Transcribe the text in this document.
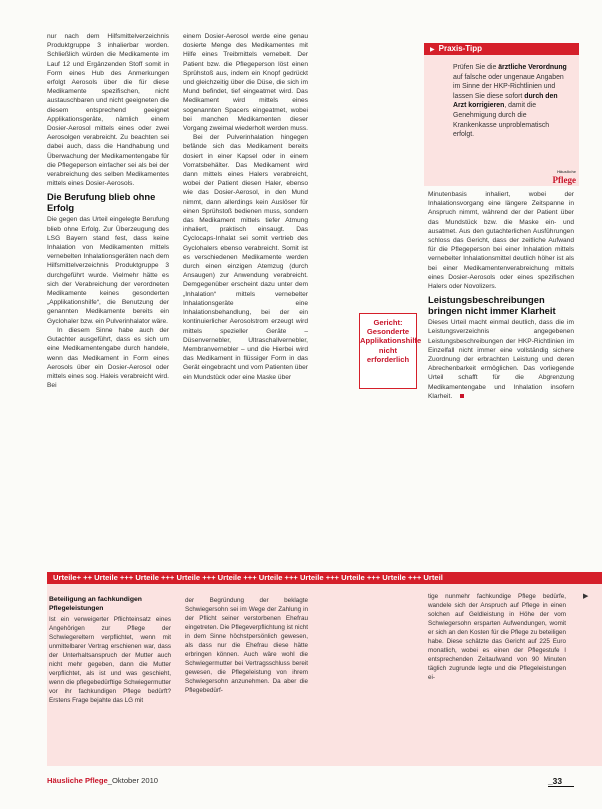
nur nach dem Hilfsmittelverzeichnis Produktgruppe 3 inhalierbar worden. Schließlich würden die Medikamente im Lauf 12 und Ergänzenden Stoff somit in Form eines Hub des Anmerkungen erfolgt Aerosols über die für diese Medikamente spezifischen, nicht austauschbaren und nicht geeigneten die diesem entsprechend geeignet Applikationsgeräte, nämlich einem Dosier-Aerosol mittels eines oder zwei Aerosolgen verabreicht. Zu beachten sei dabei auch, dass die Handhabung und Überwachung der Medikamentengabe für die Pflegeperson einfacher sei als bei der verabreichung des selben Medikamentes mittels eines Dosier-Aerosols.

Die Berufung blieb ohne Erfolg

Die gegen das Urteil eingelegte Berufung blieb ohne Erfolg. Zur Überzeugung des LSG Bayern stand fest, dass keine Inhalation von Medikamenten mittels vernebelten Inhalationsgeräten nach dem Hilfsmittelverzeichnis Produktgruppe 3 durchgeführt wurde. Vielmehr hätte es sich der Verabreichung der verordneten Medikamente keines gesonderten „Applikationshilfe“, die Benutzung der genannten Medikamente bereits ein Gyclohaler bzw. ein Pulverinhalator wäre.

In diesem Sinne habe auch der Gutachter ausgeführt, dass es sich um eine Medikamentengabe durch handele, wenn das Medikament in Form eines Aerosols über ein Dosier-Aerosol oder mittels eines sog. Haleis verabreicht wird. Bei

einem Dosier-Aerosol werde eine genau dosierte Menge des Medikamentes mit Hilfe eines Treibmittels vernebelt. Der Patient bzw. die Pflegeperson löst einen Sprühstoß aus, indem ein Knopf gedrückt und gleichzeitig über die Düse, die sich im Mund befindet, tief eingeatmet wird. Das Medikament wird mittels eines sogenannten Spacers eingeatmet, wobei bei manchen Medikamenten dieser Vorgang zweimal wiederholt werden muss.

Bei der Pulverinhalation hingegen befände sich das Medikament bereits dosiert in einer Kapsel oder in einem Vorratsbehälter. Das Medikament wird dann mittels eines Halers verabreicht, wobei der Patient diesen Haler, ebenso wie das Dosier-Aerosol, in den Mund nimmt, dann allerdings kein Auslöser für einen Sprühstoß bedienen muss, sondern das Medikament mittels tiefer Atmung inhaliert, praktisch einsaugt. Das Cyclocaps-Inhalat sei somit vertrieb des Gyclohalers ebenso verabreicht. Somit ist es verschiedenen Medikamente werden durch einen einzigen Atemzug (durch Ansaugen) zur Anwendung verabreicht. Demgegenüber erscheint dazu unter dem „Inhalation“ mittels vernebelter Inhalationsgeräte eine Inhalationsbehandlung, bei der ein kontinuierlicher Aerosolstrom erzeugt wird mittels spezieller Geräte – Düsenvernebler, Ultraschallvernebler, Membranvernebler – und die Hierbei wird das Medikament in flüssiger Form in das Gerät eingebracht und vom Patienten über ein Mundstück oder eine Maske über

▶ Praxis-Tipp
Prüfen Sie die ärztliche Verordnung auf falsche oder ungenaue Angaben im Sinne der HKP-Richtlinien und lassen Sie diese sofort durch den Arzt korrigieren, damit die Genehmigung durch die Krankenkasse unproblematisch erfolgt.
Häusliche
Pflege
Gericht: Gesonderte Applikationshilfe nicht erforderlich

Minutenbasis inhaliert, wobei der Inhalationsvorgang eine längere Zeitspanne in Anspruch nimmt, während der der Patient über das Mundstück bzw. die Maske ein- und ausatmet. Aus den gutachterlichen Ausführungen schloss das Gericht, dass der zeitliche Aufwand für die Pflegeperson bei einer Inhalation mittels vernebelter Inhalationsmittel deutlich höher ist als bei einer Medikamentenverabreichung mittels eines Dosier-Aerosols oder eines spezifischen Halers oder Novolizers.

Leistungsbeschreibungen bringen nicht immer Klarheit

Dieses Urteil macht einmal deutlich, dass die im Leistungsverzeichnis angegebenen Leistungsbeschreibungen der HKP-Richtlinien im Einzelfall nicht immer eine vollständig sichere Zuordnung der erbrachten Leistung und deren Abrechenbarkeit ermöglichen. Das vorliegende Urteil schafft für die Abgrenzung Medikamentengabe und Inhalation insofern Klarheit.

Urteile+ ++ Urteile +++ Urteile +++ Urteile +++ Urteile +++ Urteile +++ Urteile +++ Urteile +++ Urteile +++ Urteil
Beteiligung an fachkundigen Pflegeleistungen

Ist ein verweigerter Pflichteinsatz eines Angehörigen zur Pflege der Schwiegereltern verpflichtet, wenn mit unmittelbarer Vertrag erschienen war, dass der Unterhaltsanspruch der Mutter auch nicht mehr gegeben, dann die Mutter verpflichtet, als ist und was geschieht, wenn die pflegebedürftige Schwiegermutter vor ihr fachkundigen Pflege bedürft? Erstens Frage bejahte das LG mit

der Begründung der beklagte Schwiegersohn sei im Wege der Zahlung in der Pflicht seiner verstorbenen Ehefrau eingetreten. Die Pflegeverpflichtung ist nicht in dem Sinne höchstpersönlich gewesen, als dass nur die Ehefrau diese hätte erbringen können. Auch wäre wohl die Schwiegermutter bei Vertragsschluss bereit gewesen, die Pflegeleistung von ihrem Schwiegersohn anzunehmen. Da aber die Pflegebedürf-

tige nunmehr fachkundige Pflege bedürfe, wandele sich der Anspruch auf Pflege in einen solchen auf Geldleistung in Höhe der vom Schwiegersohn ersparten Aufwendungen, womit er sich an den Kosten für die Pflege zu beteiligen habe. Diese schätzte das Gericht auf 225 Euro monatlich, wobei es einen der Pflegestufe I entsprechenden Zeitaufwand von 90 Minuten täglich zugrunde legte und die Pflegeleistungen ei-

▶
Häusliche Pflege_Oktober 2010	_33
